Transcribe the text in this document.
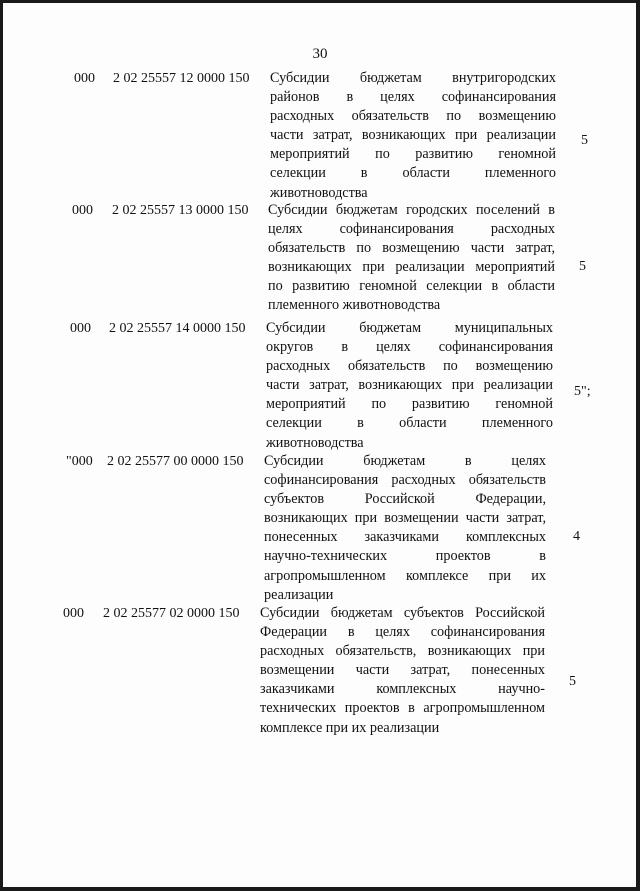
30
000 2 02 25557 12 0000 150 Субсидии бюджетам внутригородских
районов в целях софинансирования
расходных обязательств по возмещению
части затрат, возникающих при реализации
мероприятий по развитию геномной
селекции в области племенного
животноводства
5
000 2 02 25557 13 0000 150 Субсидии бюджетам городских поселений в
целях софинансирования расходных
обязательств по возмещению части затрат,
возникающих при реализации мероприятий
по развитию геномной селекции в области
племенного животноводства
5
000 2 02 25557 14 0000 150 Субсидии бюджетам муниципальных
округов в целях софинансирования
расходных обязательств по возмещению
части затрат, возникающих при реализации
мероприятий по развитию геномной
селекции в области племенного
животноводства
5";
"000 2 02 25577 00 0000 150 Субсидии бюджетам в целях
софинансирования расходных обязательств
субъектов Российской Федерации,
возникающих при возмещении части затрат,
понесенных заказчиками комплексных
научно-технических проектов в
агропромышленном комплексе при их
реализации
4
000 2 02 25577 02 0000 150 Субсидии бюджетам субъектов Российской
Федерации в целях софинансирования
расходных обязательств, возникающих при
возмещении части затрат, понесенных
заказчиками комплексных научно-
технических проектов в агропромышленном
комплексе при их реализации
5
